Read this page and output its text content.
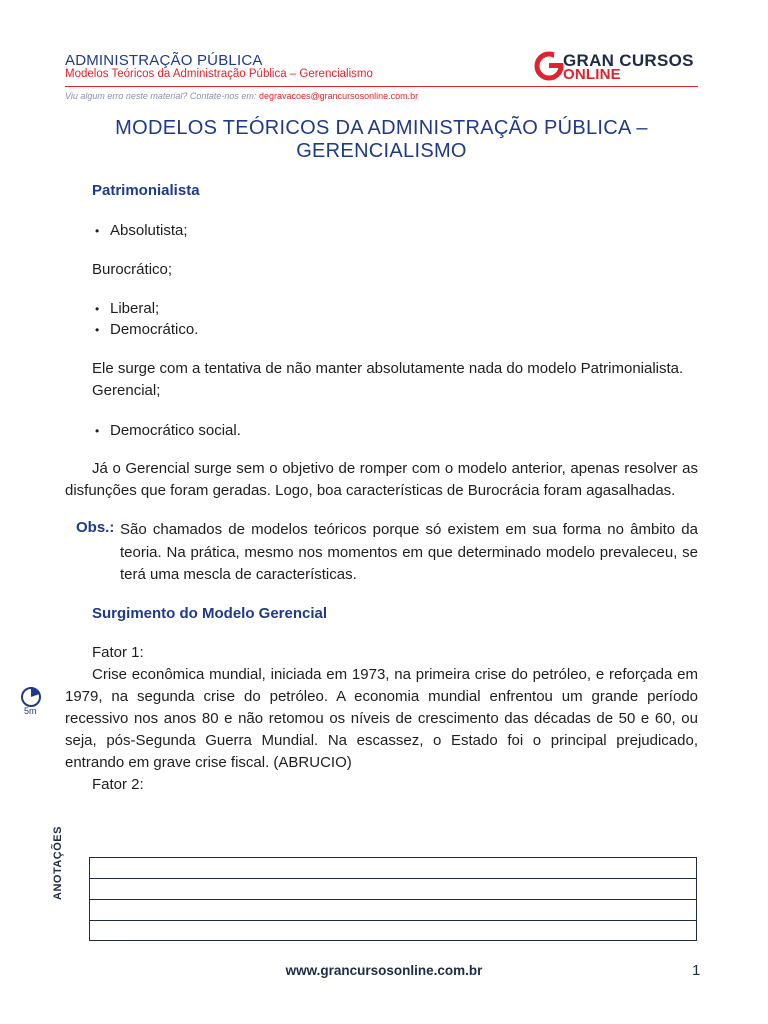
ADMINISTRAÇÃO PÚBLICA
Modelos Teóricos da Administração Pública – Gerencialismo
GRAN CURSOS
ONLINE
Viu algum erro neste material? Contate-nos em: degravacoes@grancursosonline.com.br
MODELOS TEÓRICOS DA ADMINISTRAÇÃO PÚBLICA –
GERENCIALISMO
Patrimonialista
• Absolutista;
Burocrático;
• Liberal;
• Democrático.
Ele surge com a tentativa de não manter absolutamente nada do modelo Patrimonialista.
Gerencial;
• Democrático social.
Já o Gerencial surge sem o objetivo de romper com o modelo anterior, apenas resolver as disfunções que foram geradas. Logo, boa características de Burocrácia foram agasalhadas.
Obs.: São chamados de modelos teóricos porque só existem em sua forma no âmbito da teoria. Na prática, mesmo nos momentos em que determinado modelo prevaleceu, se terá uma mescla de características.
Surgimento do Modelo Gerencial
Fator 1:
Crise econômica mundial, iniciada em 1973, na primeira crise do petróleo, e reforçada em 1979, na segunda crise do petróleo. A economia mundial enfrentou um grande período recessivo nos anos 80 e não retomou os níveis de crescimento das décadas de 50 e 60, ou seja, pós-Segunda Guerra Mundial. Na escassez, o Estado foi o principal prejudicado, entrando em grave crise fiscal. (ABRUCIO)
Fator 2:
5m
ANOTAÇÕES
www.grancursosonline.com.br	1
